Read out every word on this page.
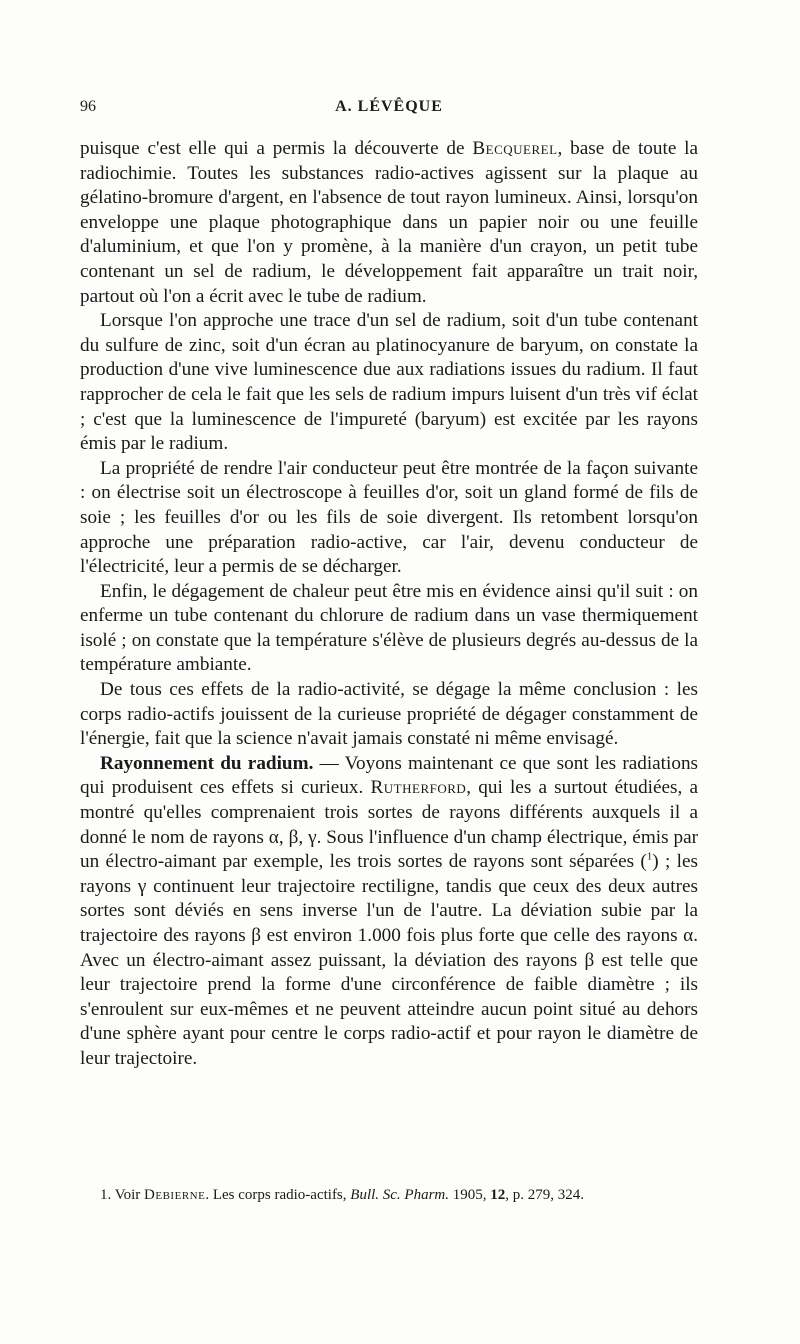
96	A. LÉVÊQUE

puisque c'est elle qui a permis la découverte de Becquerel, base de toute la radiochimie. Toutes les substances radio-actives agissent sur la plaque au gélatino-bromure d'argent, en l'absence de tout rayon lumineux. Ainsi, lorsqu'on enveloppe une plaque photographique dans un papier noir ou une feuille d'aluminium, et que l'on y promène, à la manière d'un crayon, un petit tube contenant un sel de radium, le développement fait apparaître un trait noir, partout où l'on a écrit avec le tube de radium.

Lorsque l'on approche une trace d'un sel de radium, soit d'un tube contenant du sulfure de zinc, soit d'un écran au platinocyanure de baryum, on constate la production d'une vive luminescence due aux radiations issues du radium. Il faut rapprocher de cela le fait que les sels de radium impurs luisent d'un très vif éclat ; c'est que la luminescence de l'impureté (baryum) est excitée par les rayons émis par le radium.

La propriété de rendre l'air conducteur peut être montrée de la façon suivante : on électrise soit un électroscope à feuilles d'or, soit un gland formé de fils de soie ; les feuilles d'or ou les fils de soie divergent. Ils retombent lorsqu'on approche une préparation radio-active, car l'air, devenu conducteur de l'électricité, leur a permis de se décharger.

Enfin, le dégagement de chaleur peut être mis en évidence ainsi qu'il suit : on enferme un tube contenant du chlorure de radium dans un vase thermiquement isolé ; on constate que la température s'élève de plusieurs degrés au-dessus de la température ambiante.

De tous ces effets de la radio-activité, se dégage la même conclusion : les corps radio-actifs jouissent de la curieuse propriété de dégager constamment de l'énergie, fait que la science n'avait jamais constaté ni même envisagé.

Rayonnement du radium. — Voyons maintenant ce que sont les radiations qui produisent ces effets si curieux. Rutherford, qui les a surtout étudiées, a montré qu'elles comprenaient trois sortes de rayons différents auxquels il a donné le nom de rayons α, β, γ. Sous l'influence d'un champ électrique, émis par un électro-aimant par exemple, les trois sortes de rayons sont séparées ($^1$) ; les rayons γ continuent leur trajectoire rectiligne, tandis que ceux des deux autres sortes sont déviés en sens inverse l'un de l'autre. La déviation subie par la trajectoire des rayons β est environ 1.000 fois plus forte que celle des rayons α. Avec un électro-aimant assez puissant, la déviation des rayons β est telle que leur trajectoire prend la forme d'une circonférence de faible diamètre ; ils s'enroulent sur eux-mêmes et ne peuvent atteindre aucun point situé au dehors d'une sphère ayant pour centre le corps radio-actif et pour rayon le diamètre de leur trajectoire.

1. Voir Debierne. Les corps radio-actifs, Bull. Sc. Pharm. 1905, 12, p. 279, 324.
